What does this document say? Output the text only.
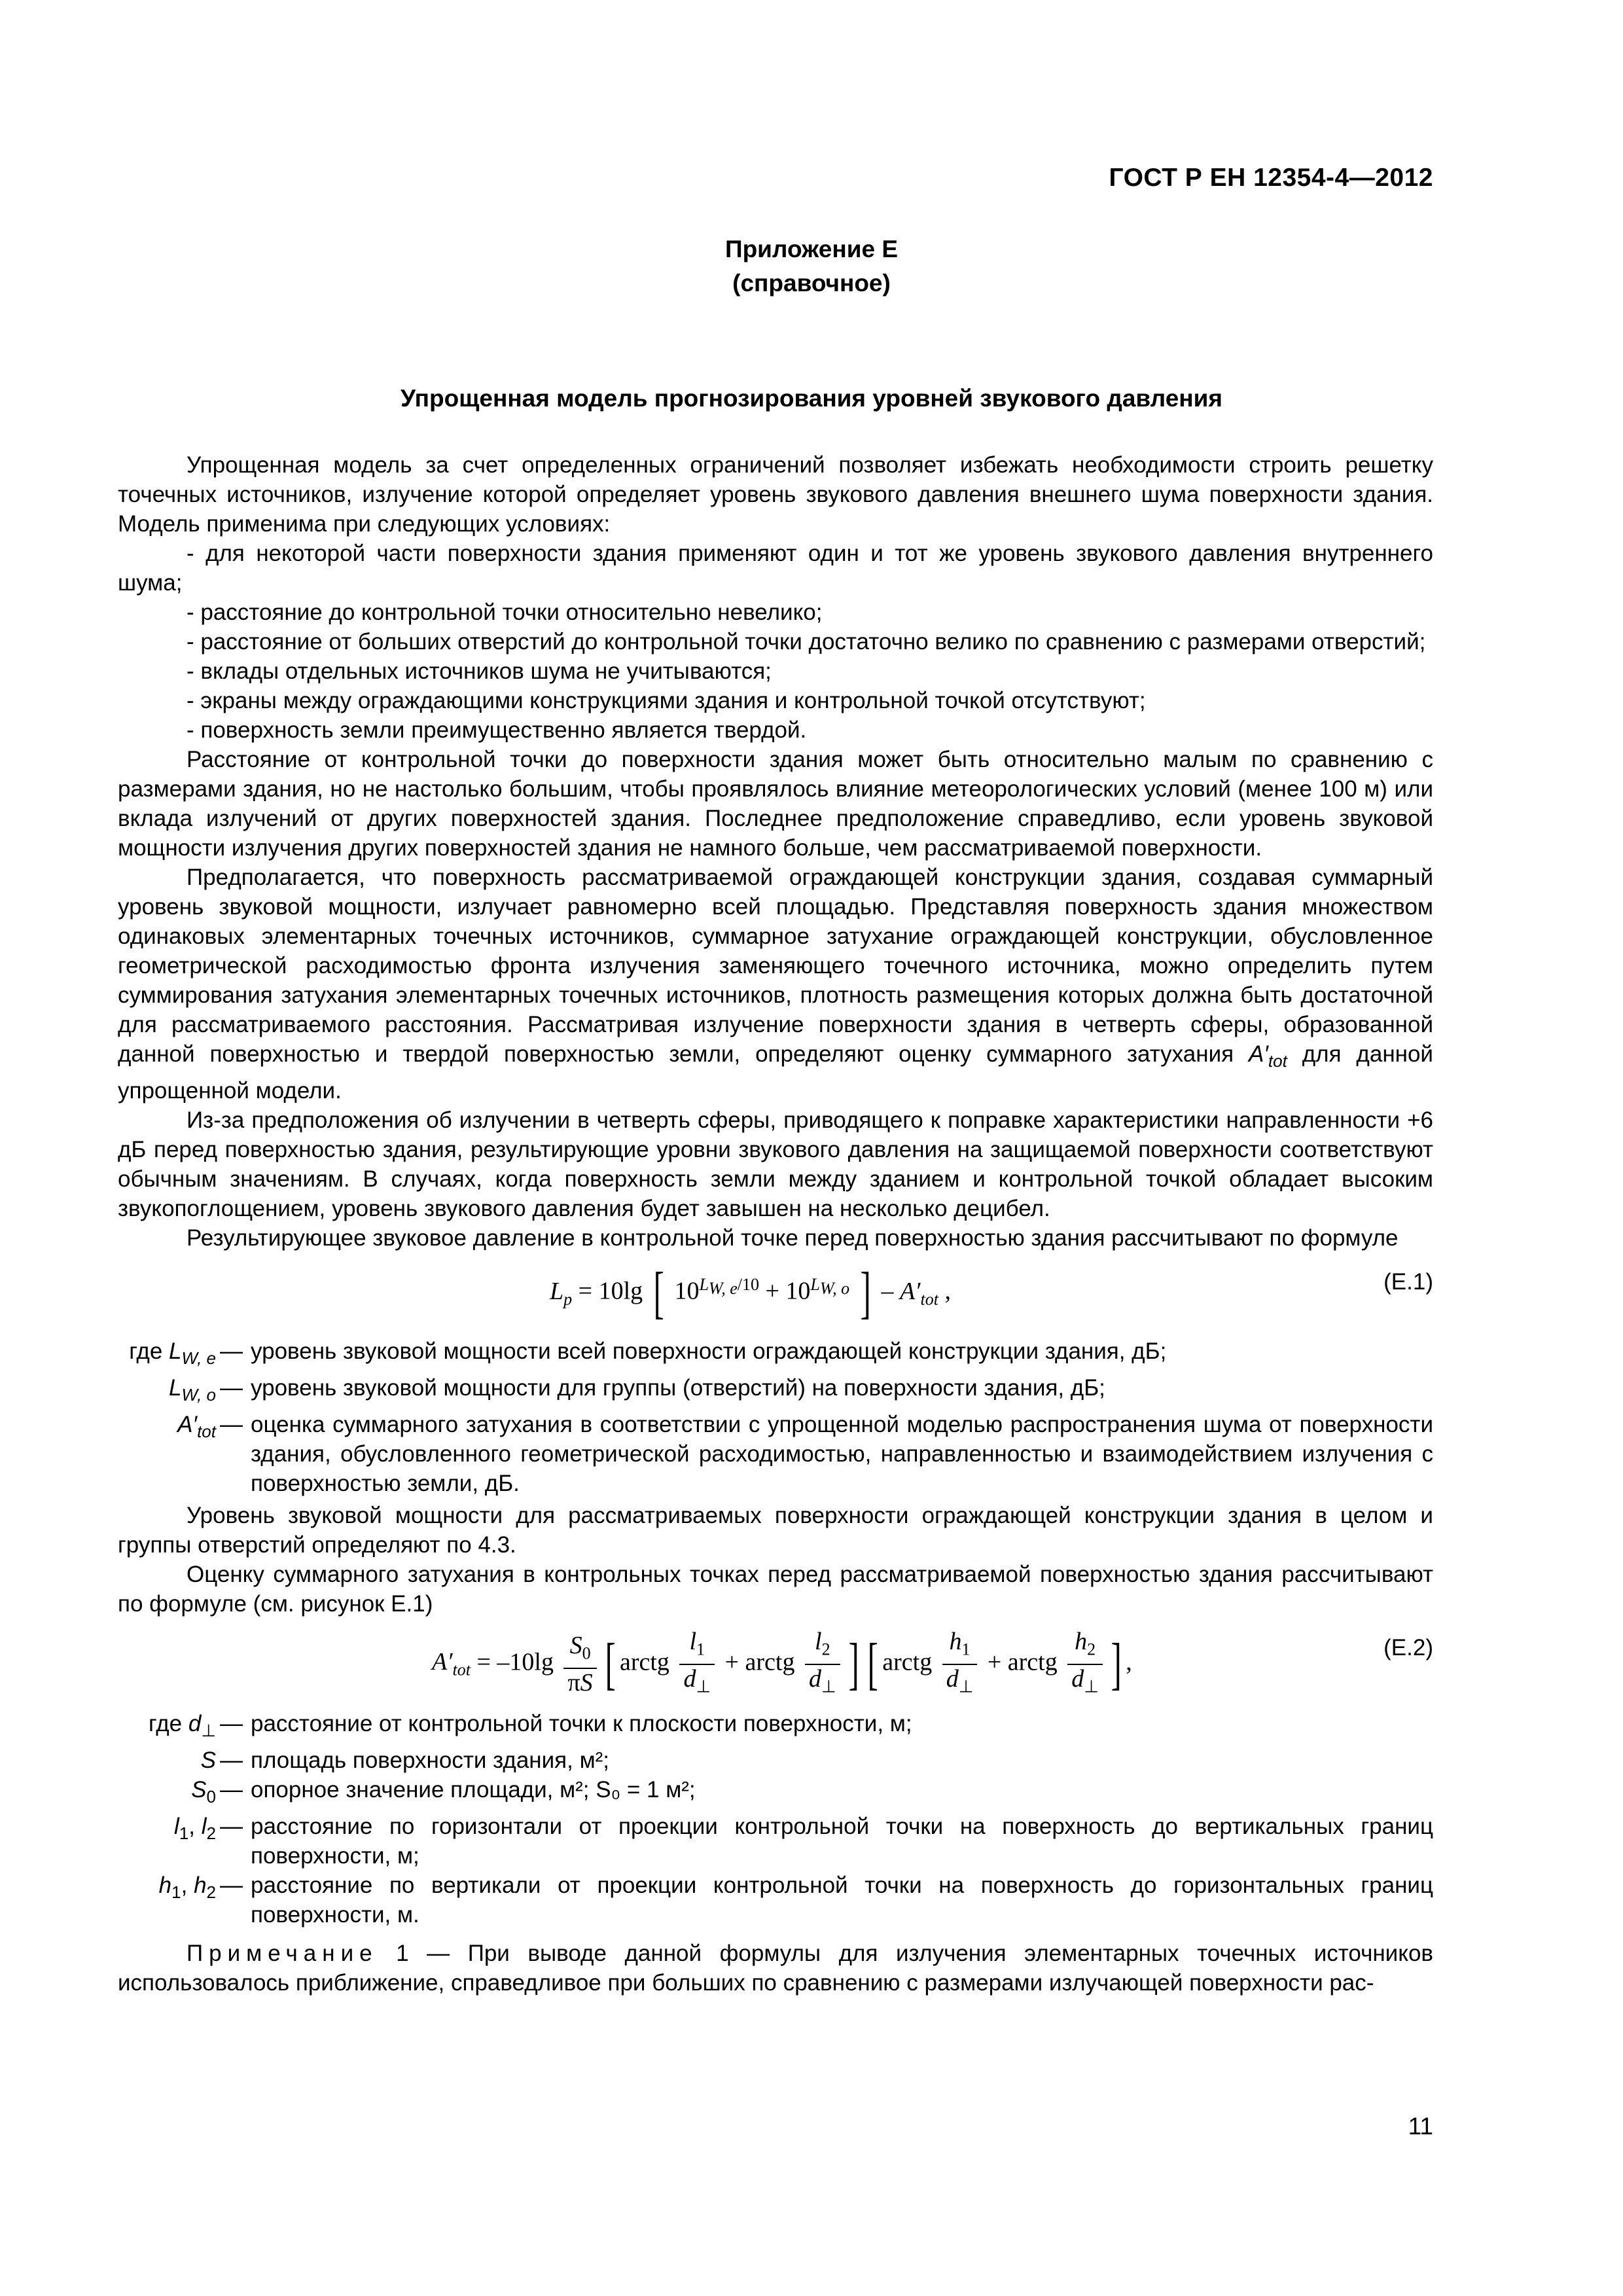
ГОСТ Р ЕН 12354-4—2012
Приложение Е
(справочное)
Упрощенная модель прогнозирования уровней звукового давления

Упрощенная модель за счет определенных ограничений позволяет избежать необходимости строить решетку точечных источников, излучение которой определяет уровень звукового давления внешнего шума поверхности здания. Модель применима при следующих условиях:

- для некоторой части поверхности здания применяют один и тот же уровень звукового давления внутреннего шума;

- расстояние до контрольной точки относительно невелико;

- расстояние от больших отверстий до контрольной точки достаточно велико по сравнению с размерами отверстий;

- вклады отдельных источников шума не учитываются;

- экраны между ограждающими конструкциями здания и контрольной точкой отсутствуют;

- поверхность земли преимущественно является твердой.

Расстояние от контрольной точки до поверхности здания может быть относительно малым по сравнению с размерами здания, но не настолько большим, чтобы проявлялось влияние метеорологических условий (менее 100 м) или вклада излучений от других поверхностей здания. Последнее предположение справедливо, если уровень звуковой мощности излучения других поверхностей здания не намного больше, чем рассматриваемой поверхности.

Предполагается, что поверхность рассматриваемой ограждающей конструкции здания, создавая суммарный уровень звуковой мощности, излучает равномерно всей площадью. Представляя поверхность здания множеством одинаковых элементарных точечных источников, суммарное затухание ограждающей конструкции, обусловленное геометрической расходимостью фронта излучения заменяющего точечного источника, можно определить путем суммирования затухания элементарных точечных источников, плотность размещения которых должна быть достаточной для рассматриваемого расстояния. Рассматривая излучение поверхности здания в четверть сферы, образованной данной поверхностью и твердой поверхностью земли, определяют оценку суммарного затухания $A'_{tot}$ для данной упрощенной модели.

Из-за предположения об излучении в четверть сферы, приводящего к поправке характеристики направленности +6 дБ перед поверхностью здания, результирующие уровни звукового давления на защищаемой поверхности соответствуют обычным значениям. В случаях, когда поверхность земли между зданием и контрольной точкой обладает высоким звукопоглощением, уровень звукового давления будет завышен на несколько децибел.

Результирующее звуковое давление в контрольной точке перед поверхностью здания рассчитывают по формуле

$L_p = 10\lg$ [ $10^{L_{W, e}/10} + 10^{L_{W, o}}$ ] – $A'_{tot}$ ,	(Е.1)
где $L_{W, e}$ — уровень звуковой мощности всей поверхности ограждающей конструкции здания, дБ;
$L_{W, o}$ — уровень звуковой мощности для группы (отверстий) на поверхности здания, дБ;
$A'_{tot}$ — оценка суммарного затухания в соответствии с упрощенной моделью распространения шума от поверхности здания, обусловленного геометрической расходимостью, направленностью и взаимодействием излучения с поверхностью земли, дБ.

Уровень звуковой мощности для рассматриваемых поверхности ограждающей конструкции здания в целом и группы отверстий определяют по 4.3.

Оценку суммарного затухания в контрольных точках перед рассматриваемой поверхностью здания рассчитывают по формуле (см. рисунок Е.1)

$A'_{tot} = -10\lg \frac{S_0}{\pi S}$ [ arctg $\frac{l_1}{d_\perp}$ + arctg $\frac{l_2}{d_\perp}$ ] [ arctg $\frac{h_1}{d_\perp}$ + arctg $\frac{h_2}{d_\perp}$ ] ,
(Е.2)
где $d_\perp$ — расстояние от контрольной точки к плоскости поверхности, м;
S — площадь поверхности здания, м²;
$S_0$ — опорное значение площади, м²; S₀ = 1 м²;
$l_1$, $l_2$ — расстояние по горизонтали от проекции контрольной точки на поверхность до вертикальных границ поверхности, м;
$h_1$, $h_2$ — расстояние по вертикали от проекции контрольной точки на поверхность до горизонтальных границ поверхности, м.

Примечание 1 — При выводе данной формулы для излучения элементарных точечных источников использовалось приближение, справедливое при больших по сравнению с размерами излучающей поверхности рас-

11
